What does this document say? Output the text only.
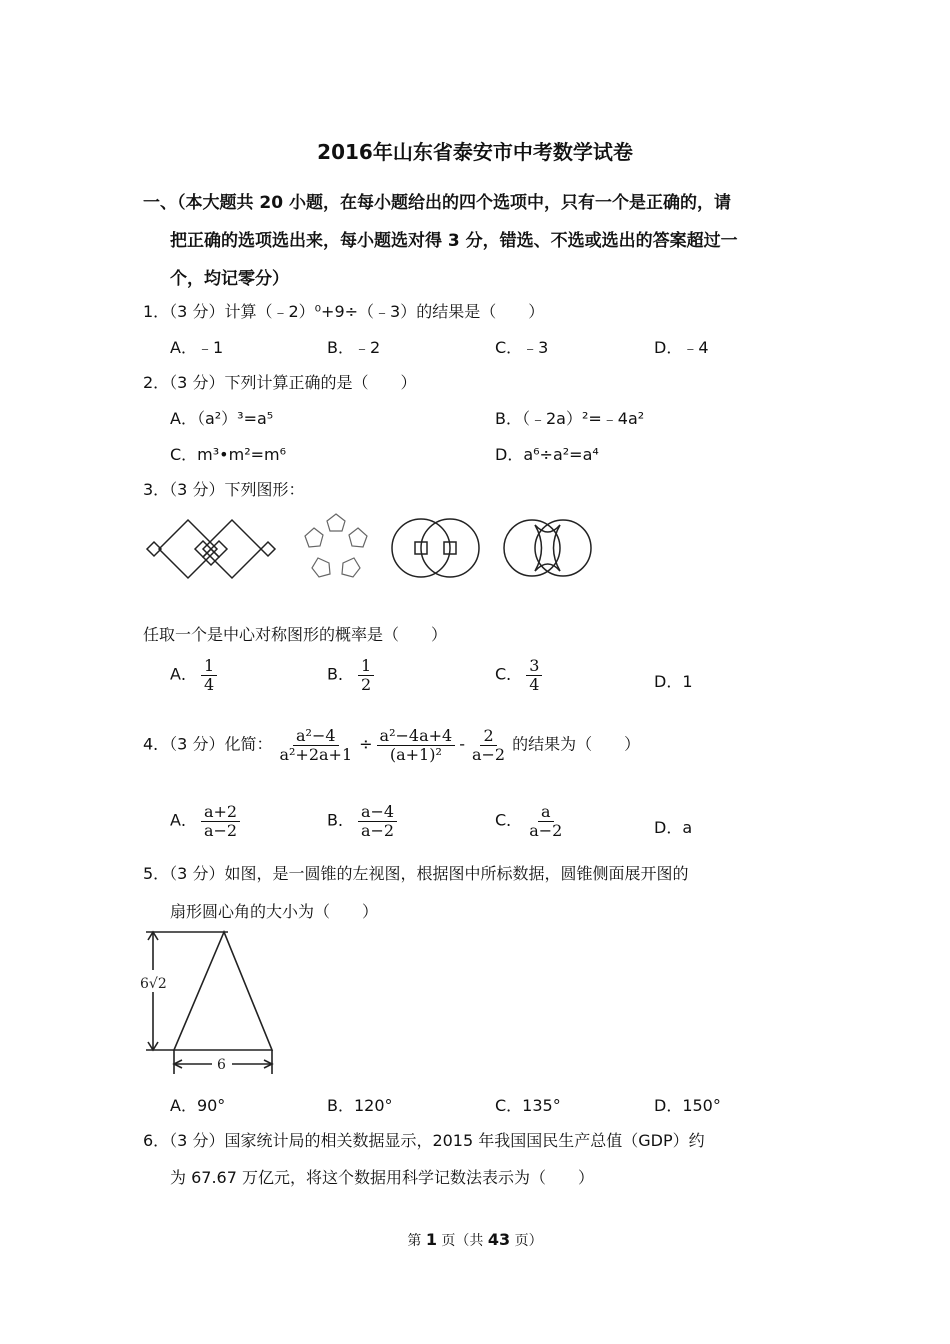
2016年山东省泰安市中考数学试卷
一、（本大题共 20 小题，在每小题给出的四个选项中，只有一个是正确的，请
把正确的选项选出来，每小题选对得 3 分，错选、不选或选出的答案超过一
个，均记零分）
1．（3 分）计算（﹣2）⁰+9÷（﹣3）的结果是（　　）
A．﹣1	B．﹣2	C．﹣3	D．﹣4
2．（3 分）下列计算正确的是（　　）
A．（a²）³=a⁵	B．（﹣2a）²=﹣4a²
C．m³•m²=m⁶	D．a⁶÷a²=a⁴
3．（3 分）下列图形：
任取一个是中心对称图形的概率是（　　）
A． $\frac{1}{4}$	B． $\frac{1}{2}$	C． $\frac{3}{4}$	D．1
4．（3 分）化简： $\frac{\text{a²−4}}{\text{a²+2a+1}} \div \frac{\text{a²−4a+4}}{\text{(a+1)²}} - \frac{2}{a-2}$ 的结果为（　　）
A． $\frac{a+2}{a-2}$	B． $\frac{a-4}{a-2}$	C． $\frac{a}{a-2}$	D．a
5．（3 分）如图，是一圆锥的左视图，根据图中所标数据，圆锥侧面展开图的
扇形圆心角的大小为（　　）
6√2
6
A．90°	B．120°	C．135°	D．150°
6．（3 分）国家统计局的相关数据显示，2015 年我国国民生产总值（GDP）约
为 67.67 万亿元，将这个数据用科学记数法表示为（　　）
第 1 页（共 43 页）
